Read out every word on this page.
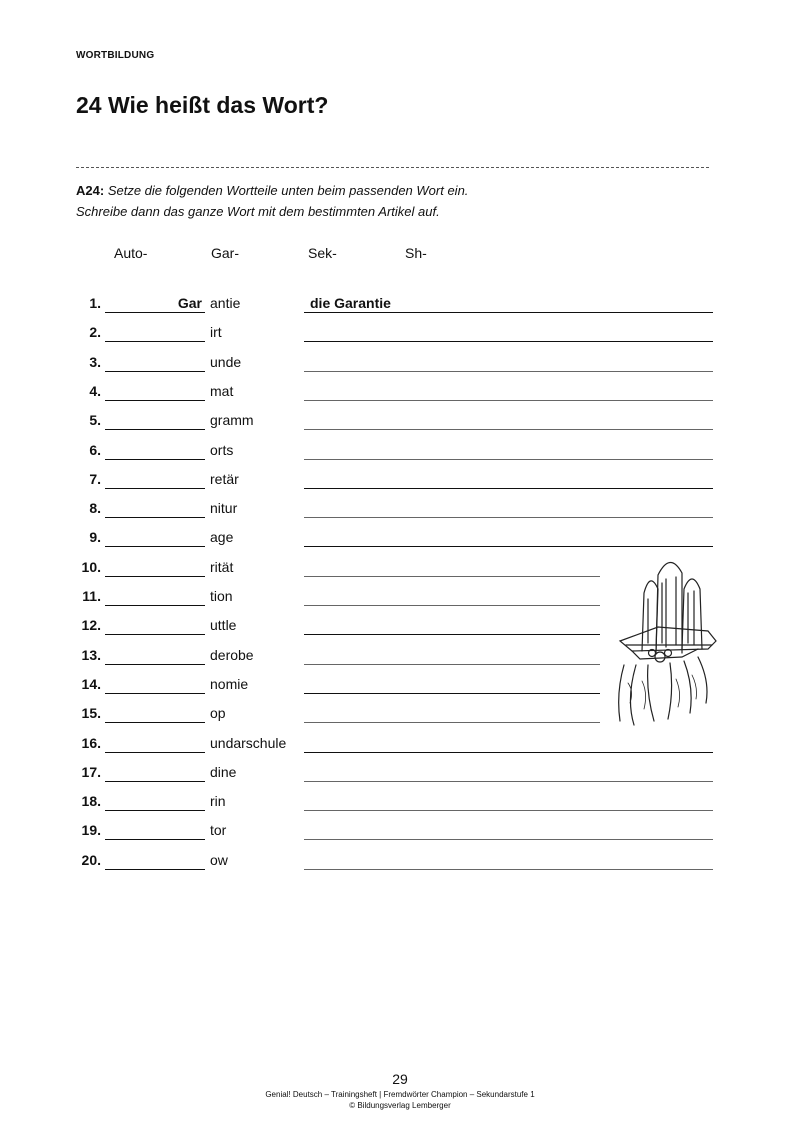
WORTBILDUNG
24 Wie heißt das Wort?
A24: Setze die folgenden Wortteile unten beim passenden Wort ein.
Schreibe dann das ganze Wort mit dem bestimmten Artikel auf.
Auto-	Gar-	Sek-	Sh-
1.	Gar antie	die Garantie
2.	irt
3.	unde
4.	mat
5.	gramm
6.	orts
7.	retär
8.	nitur
9.	age
10.	rität
11.	tion
12.	uttle
13.	derobe
14.	nomie
15.	op
16.	undarschule
17.	dine
18.	rin
19.	tor
20.	ow
29
Genial! Deutsch – Trainingsheft | Fremdwörter Champion – Sekundarstufe 1
© Bildungsverlag Lemberger
